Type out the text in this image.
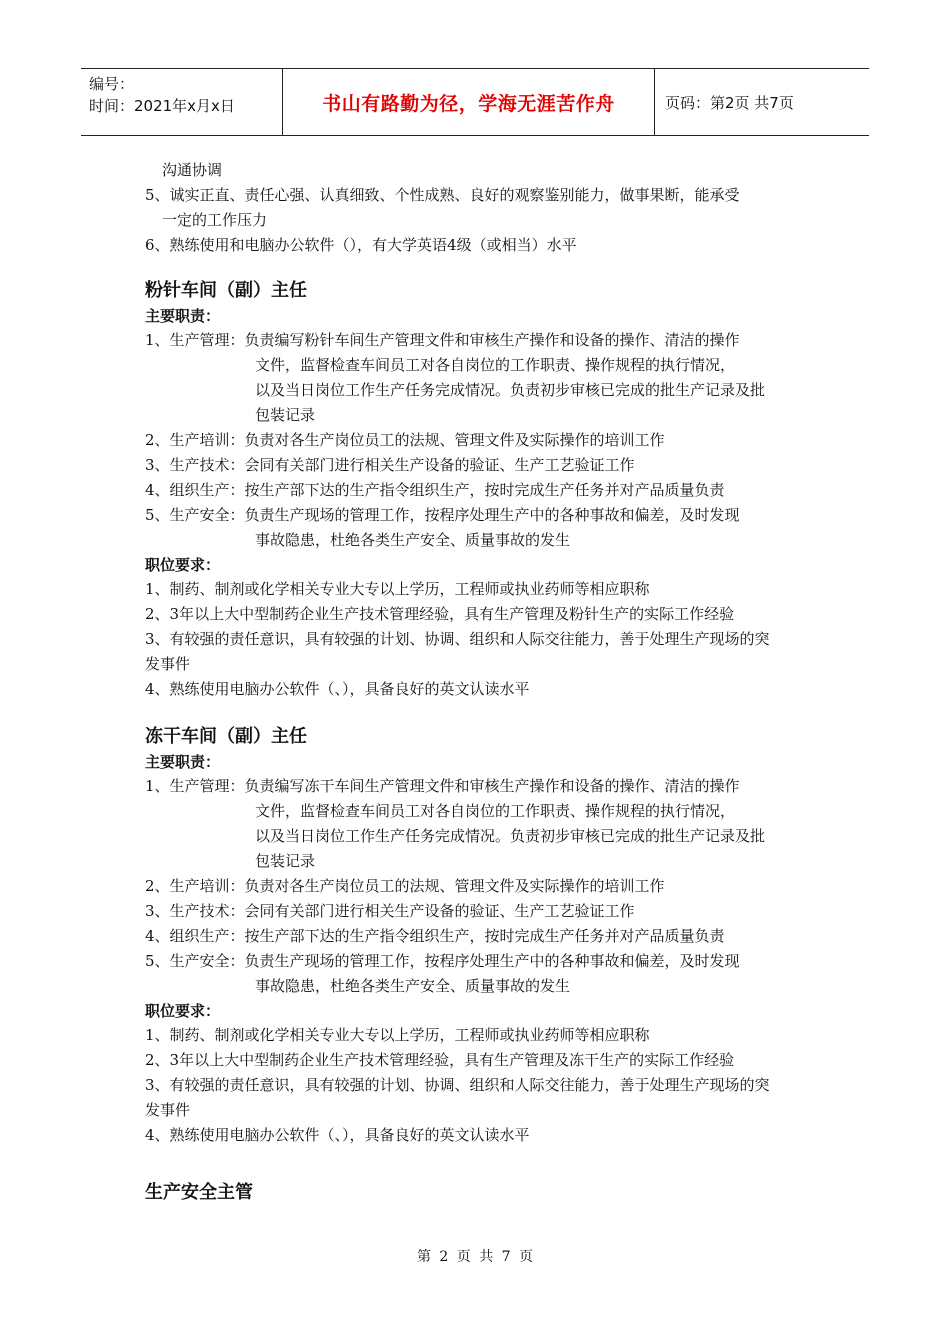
编号：
时间：2021年x月x日	书山有路勤为径，学海无涯苦作舟	页码：第2页 共7页
沟通协调
5、诚实正直、责任心强、认真细致、个性成熟、良好的观察鉴别能力，做事果断，能承受
一定的工作压力
6、熟练使用和电脑办公软件（），有大学英语4级（或相当）水平
粉针车间（副）主任
主要职责：
1、生产管理：负责编写粉针车间生产管理文件和审核生产操作和设备的操作、清洁的操作
文件，监督检查车间员工对各自岗位的工作职责、操作规程的执行情况，
以及当日岗位工作生产任务完成情况。负责初步审核已完成的批生产记录及批
包装记录
2、生产培训：负责对各生产岗位员工的法规、管理文件及实际操作的培训工作
3、生产技术：会同有关部门进行相关生产设备的验证、生产工艺验证工作
4、组织生产：按生产部下达的生产指令组织生产，按时完成生产任务并对产品质量负责
5、生产安全：负责生产现场的管理工作，按程序处理生产中的各种事故和偏差，及时发现
事故隐患，杜绝各类生产安全、质量事故的发生
职位要求：
1、制药、制剂或化学相关专业大专以上学历，工程师或执业药师等相应职称
2、3年以上大中型制药企业生产技术管理经验，具有生产管理及粉针生产的实际工作经验
3、有较强的责任意识，具有较强的计划、协调、组织和人际交往能力，善于处理生产现场的突
发事件
4、熟练使用电脑办公软件（、），具备良好的英文认读水平
冻干车间（副）主任
主要职责：
1、生产管理：负责编写冻干车间生产管理文件和审核生产操作和设备的操作、清洁的操作
文件，监督检查车间员工对各自岗位的工作职责、操作规程的执行情况，
以及当日岗位工作生产任务完成情况。负责初步审核已完成的批生产记录及批
包装记录
2、生产培训：负责对各生产岗位员工的法规、管理文件及实际操作的培训工作
3、生产技术：会同有关部门进行相关生产设备的验证、生产工艺验证工作
4、组织生产：按生产部下达的生产指令组织生产，按时完成生产任务并对产品质量负责
5、生产安全：负责生产现场的管理工作，按程序处理生产中的各种事故和偏差，及时发现
事故隐患，杜绝各类生产安全、质量事故的发生
职位要求：
1、制药、制剂或化学相关专业大专以上学历，工程师或执业药师等相应职称
2、3年以上大中型制药企业生产技术管理经验，具有生产管理及冻干生产的实际工作经验
3、有较强的责任意识，具有较强的计划、协调、组织和人际交往能力，善于处理生产现场的突
发事件
4、熟练使用电脑办公软件（、），具备良好的英文认读水平
生产安全主管
第 2 页 共 7 页
